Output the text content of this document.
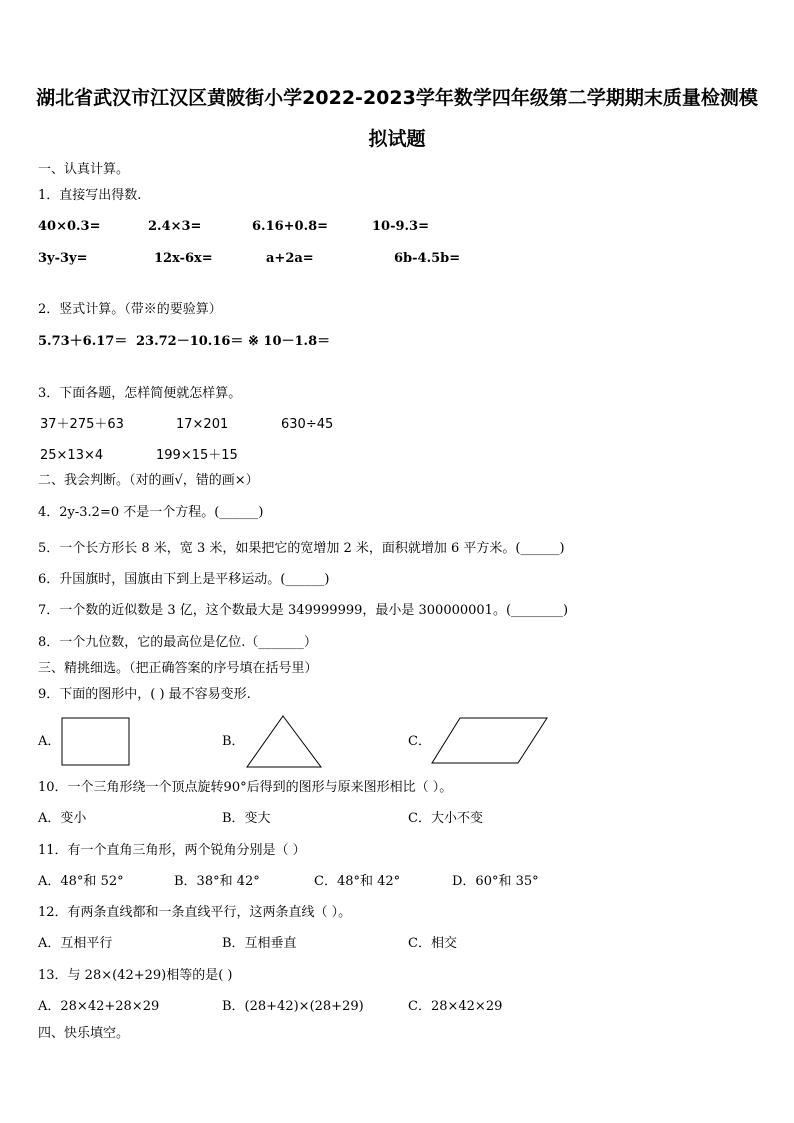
湖北省武汉市江汉区黄陂街小学2022-2023学年数学四年级第二学期期末质量检测模
拟试题
一、认真计算。
1．直接写出得数.
40×0.3=	2.4×3=	6.16+0.8=	10-9.3=
3y-3y=	12x-6x=	a+2a=	6b-4.5b=
2．竖式计算。（带※的要验算）
5.73＋6.17＝ 23.72－10.16＝ ※ 10－1.8＝
3．下面各题，怎样简便就怎样算。
37＋275＋63	17×201	630÷45
25×13×4	199×15＋15
二、我会判断。（对的画√，错的画×）
4．2y-3.2=0 不是一个方程。(______)
5．一个长方形长 8 米，宽 3 米，如果把它的宽增加 2 米，面积就增加 6 平方米。(______)
6．升国旗时，国旗由下到上是平移运动。(______)
7．一个数的近似数是 3 亿，这个数最大是 349999999，最小是 300000001。(________)
8．一个九位数，它的最高位是亿位.（_______）
三、精挑细选。（把正确答案的序号填在括号里）
9．下面的图形中，( ) 最不容易变形.
A．	B．	C．
10．一个三角形绕一个顶点旋转90°后得到的图形与原来图形相比（ ）。
A．变小	B．变大	C．大小不变
11．有一个直角三角形，两个锐角分别是（ ）
A．48°和 52°	B．38°和 42°	C．48°和 42°	D．60°和 35°
12．有两条直线都和一条直线平行，这两条直线（ ）。
A．互相平行	B．互相垂直	C．相交
13．与 28×(42+29)相等的是( )
A．28×42+28×29	B．(28+42)×(28+29)	C．28×42×29
四、快乐填空。
